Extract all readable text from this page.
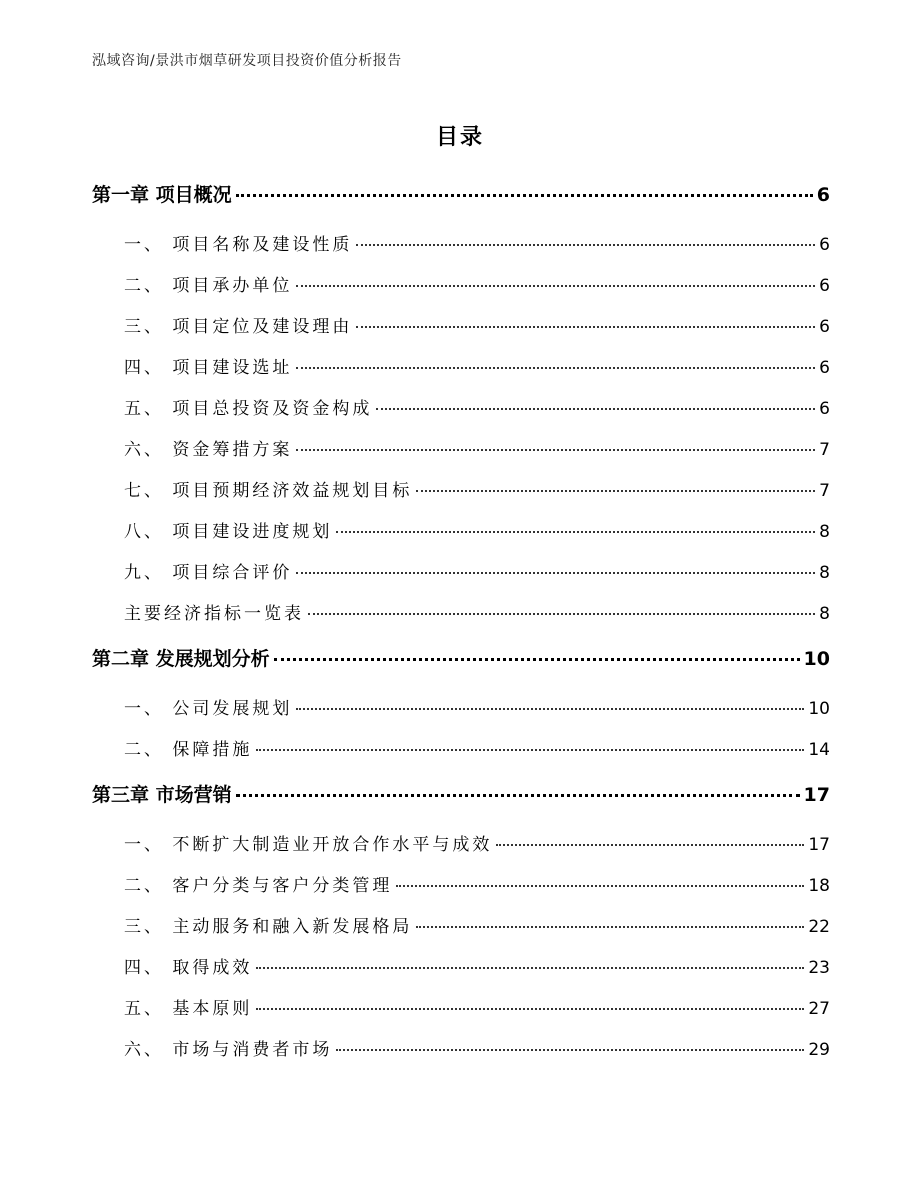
泓域咨询/景洪市烟草研发项目投资价值分析报告
目录
第一章 项目概况	6
一、 项目名称及建设性质	6
二、 项目承办单位	6
三、 项目定位及建设理由	6
四、 项目建设选址	6
五、 项目总投资及资金构成	6
六、 资金筹措方案	7
七、 项目预期经济效益规划目标	7
八、 项目建设进度规划	8
九、 项目综合评价	8
主要经济指标一览表	8
第二章 发展规划分析	10
一、 公司发展规划	10
二、 保障措施	14
第三章 市场营销	17
一、 不断扩大制造业开放合作水平与成效	17
二、 客户分类与客户分类管理	18
三、 主动服务和融入新发展格局	22
四、 取得成效	23
五、 基本原则	27
六、 市场与消费者市场	29
